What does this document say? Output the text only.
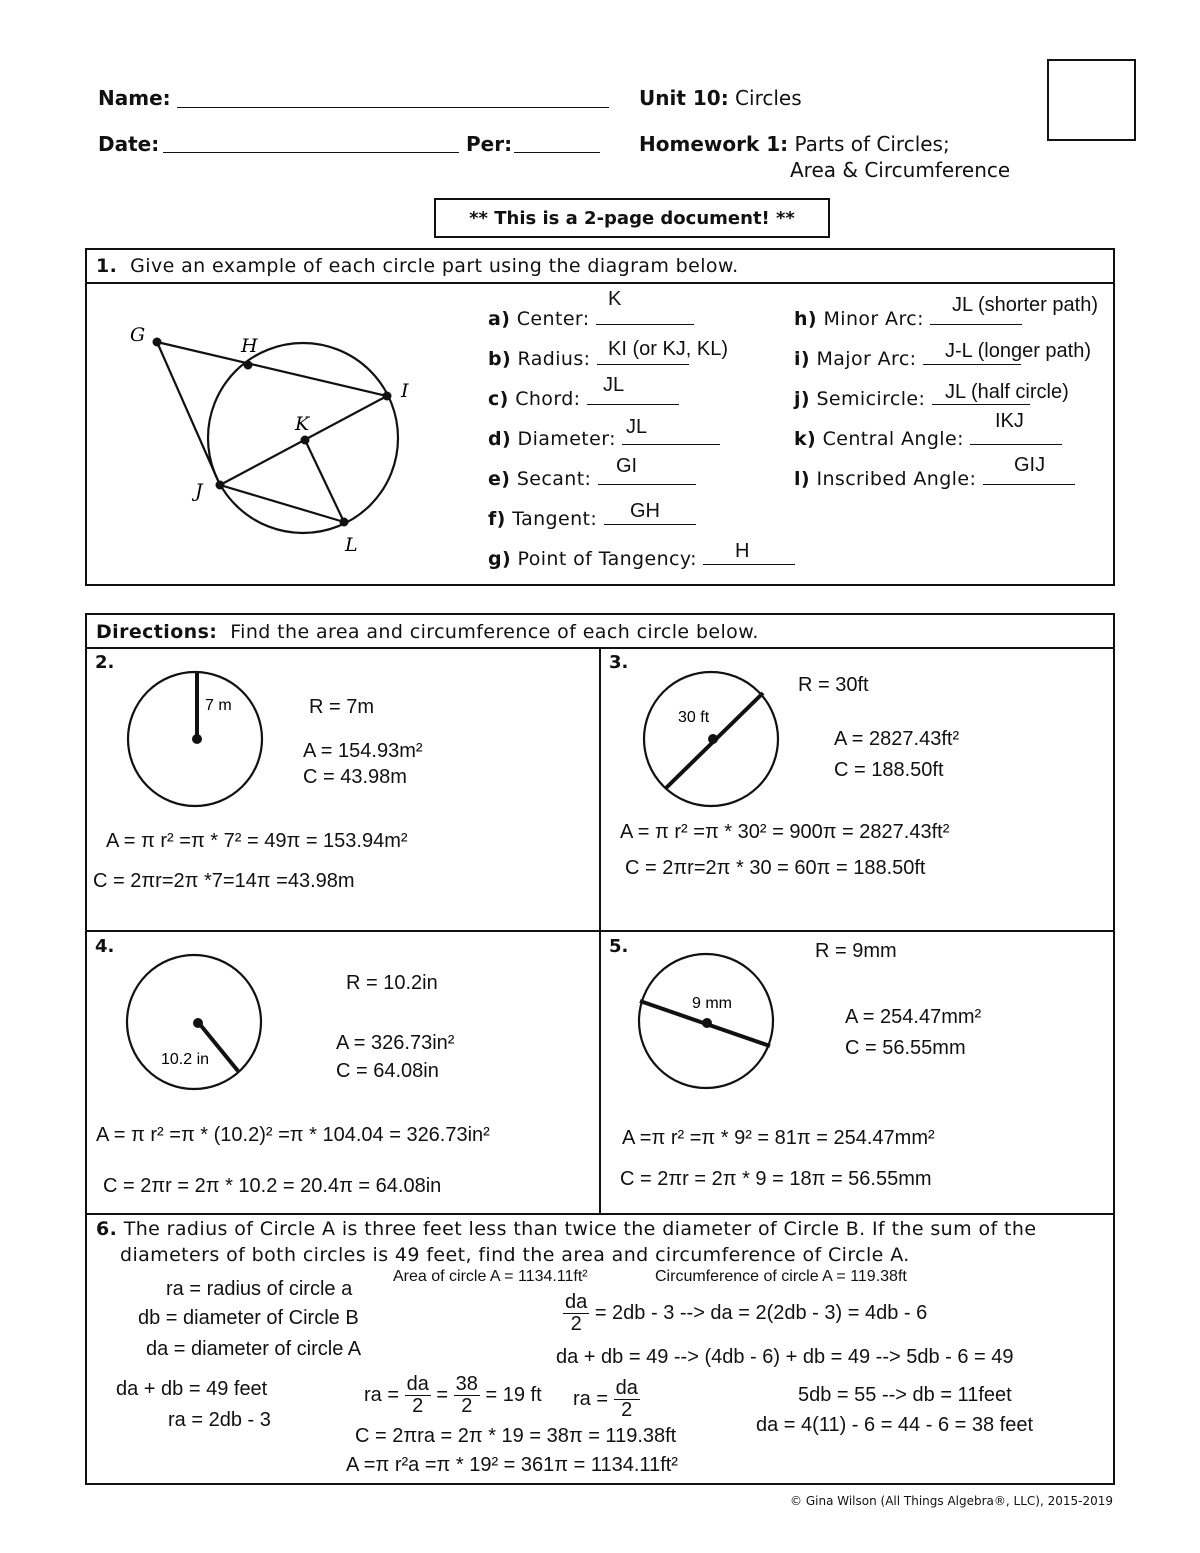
Name:
Date:	Per:
Unit 10: Circles
Homework 1: Parts of Circles;
Area & Circumference
** This is a 2-page document! **
1. Give an example of each circle part using the diagram below.
G	H
I
K
J
L
a) Center:
K
b) Radius: KI (or KJ, KL)
c) Chord:
JL
d) Diameter:
JL
e) Secant:
GI
f) Tangent:	GH
g) Point of Tangency:	H
h) Minor Arc:
JL (shorter path)
i) Major Arc:	J-L (longer path)
j) Semicircle: JL (half circle)
k) Central Angle:
IKJ
l) Inscribed Angle:
GIJ
Directions: Find the area and circumference of each circle below.
2.
7 m	R = 7m
A = 154.93m²
C = 43.98m
A = π r² =π * 7² = 49π = 153.94m²
C = 2πr=2π *7=14π =43.98m
3.
30 ft
R = 30ft
A = 2827.43ft²
C = 188.50ft
A = π r² =π * 30² = 900π = 2827.43ft²
C = 2πr=2π * 30 = 60π = 188.50ft
4.
10.2 in
R = 10.2in
A = 326.73in²
C = 64.08in
A = π r² =π * (10.2)² =π * 104.04 = 326.73in²
C = 2πr = 2π * 10.2 = 20.4π = 64.08in
5.
9 mm
R = 9mm
A = 254.47mm²
C = 56.55mm
A =π r² =π * 9² = 81π = 254.47mm²
C = 2πr = 2π * 9 = 18π = 56.55mm
6. The radius of Circle A is three feet less than twice the diameter of Circle B. If the sum of the
diameters of both circles is 49 feet, find the area and circumference of Circle A.
ra = radius of circle a
db = diameter of Circle B
da = diameter of circle A
Area of circle A = 1134.11ft²	Circumference of circle A = 119.38ft
$\frac{da}{2} = 2db - 3$ --> da = 2(2db - 3) = 4db - 6
da + db = 49 --> (4db - 6) + db = 49 --> 5db - 6 = 49
da + db = 49 feet
ra = 2db - 3
ra = $\frac{da}{2} = \frac{38}{2} = 19$ ft ra = $\frac{da}{2}$	5db = 55 --> db = 11feet
da = 4(11) - 6 = 44 - 6 = 38 feet
C = 2πra = 2π * 19 = 38π = 119.38ft
A =π r²a =π * 19² = 361π = 1134.11ft²
© Gina Wilson (All Things Algebra®, LLC), 2015-2019
